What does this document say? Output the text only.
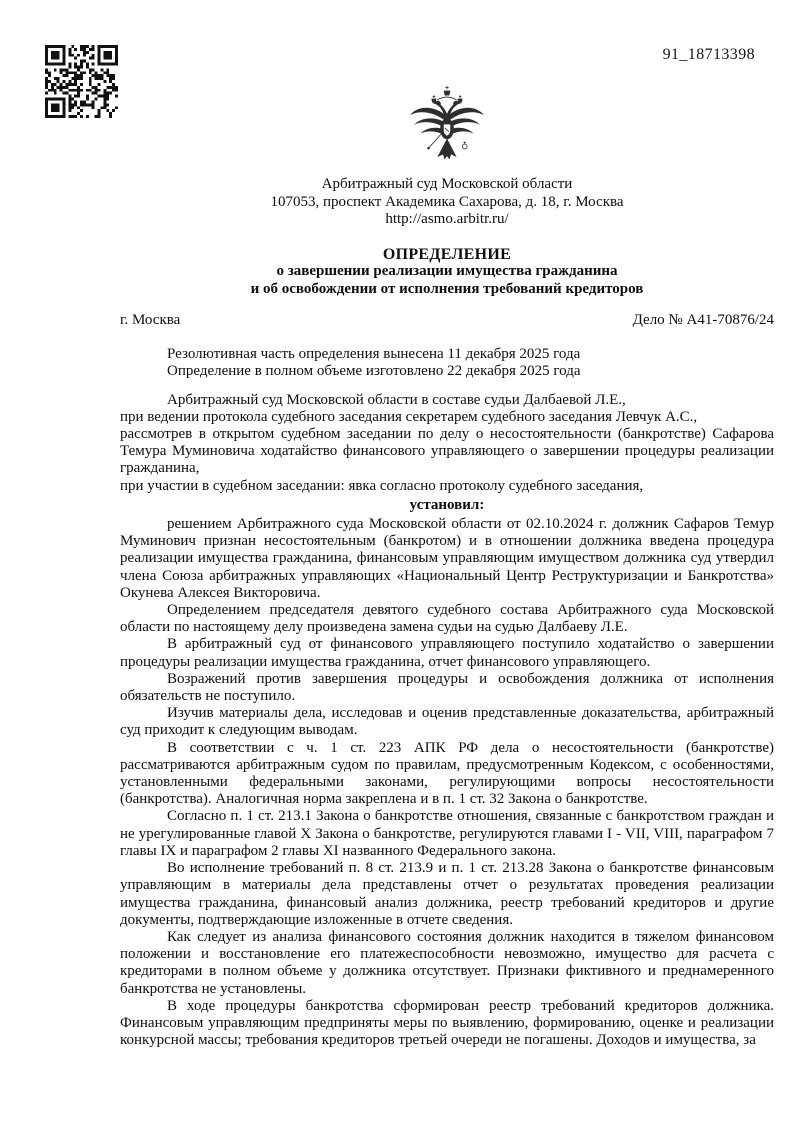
91_18713398
Арбитражный суд Московской области
107053, проспект Академика Сахарова, д. 18, г. Москва
http://asmo.arbitr.ru/
ОПРЕДЕЛЕНИЕ
о завершении реализации имущества гражданина
и об освобождении от исполнения требований кредиторов
г. Москва	Дело № А41-70876/24
Резолютивная часть определения вынесена 11 декабря 2025 года
Определение в полном объеме изготовлено 22 декабря 2025 года
Арбитражный суд Московской области в составе судьи Далбаевой Л.Е.,
при ведении протокола судебного заседания секретарем судебного заседания Левчук А.С.,
рассмотрев в открытом судебном заседании по делу о несостоятельности (банкротстве) Сафарова Темура Муминовича ходатайство финансового управляющего о завершении процедуры реализации гражданина,
при участии в судебном заседании: явка согласно протоколу судебного заседания,
установил:

решением Арбитражного суда Московской области от 02.10.2024 г. должник Сафаров Темур Муминович признан несостоятельным (банкротом) и в отношении должника введена процедура реализации имущества гражданина, финансовым управляющим имуществом должника суд утвердил члена Союза арбитражных управляющих «Национальный Центр Реструктуризации и Банкротства» Окунева Алексея Викторовича.

Определением председателя девятого судебного состава Арбитражного суда Московской области по настоящему делу произведена замена судьи на судью Далбаеву Л.Е.

В арбитражный суд от финансового управляющего поступило ходатайство о завершении процедуры реализации имущества гражданина, отчет финансового управляющего.

Возражений против завершения процедуры и освобождения должника от исполнения обязательств не поступило.

Изучив материалы дела, исследовав и оценив представленные доказательства, арбитражный суд приходит к следующим выводам.

В соответствии с ч. 1 ст. 223 АПК РФ дела о несостоятельности (банкротстве) рассматриваются арбитражным судом по правилам, предусмотренным Кодексом, с особенностями, установленными федеральными законами, регулирующими вопросы несостоятельности (банкротства). Аналогичная норма закреплена и в п. 1 ст. 32 Закона о банкротстве.

Согласно п. 1 ст. 213.1 Закона о банкротстве отношения, связанные с банкротством граждан и не урегулированные главой X Закона о банкротстве, регулируются главами I - VII, VIII, параграфом 7 главы IX и параграфом 2 главы XI названного Федерального закона.

Во исполнение требований п. 8 ст. 213.9 и п. 1 ст. 213.28 Закона о банкротстве финансовым управляющим в материалы дела представлены отчет о результатах проведения реализации имущества гражданина, финансовый анализ должника, реестр требований кредиторов и другие документы, подтверждающие изложенные в отчете сведения.

Как следует из анализа финансового состояния должник находится в тяжелом финансовом положении и восстановление его платежеспособности невозможно, имущество для расчета с кредиторами в полном объеме у должника отсутствует. Признаки фиктивного и преднамеренного банкротства не установлены.

В ходе процедуры банкротства сформирован реестр требований кредиторов должника. Финансовым управляющим предприняты меры по выявлению, формированию, оценке и реализации конкурсной массы; требования кредиторов третьей очереди не погашены. Доходов и имущества, за
